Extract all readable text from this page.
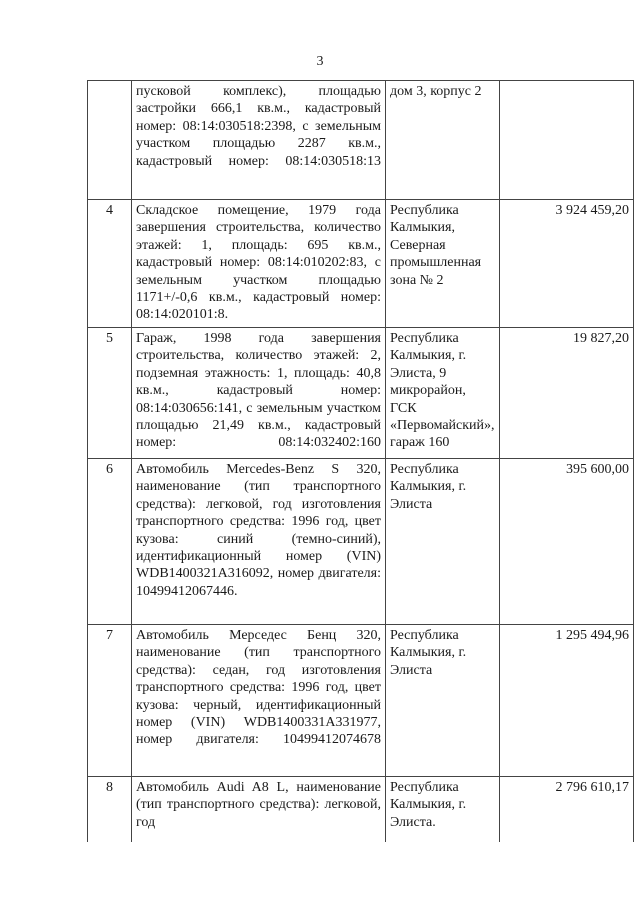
3

	пусковой комплекс), площадью застройки 666,1 кв.м., кадастровый номер: 08:14:030518:2398, с земельным участком площадью 2287 кв.м., кадастровый номер: 08:14:030518:13	дом 3, корпус 2	
4	Складское помещение, 1979 года завершения строительства, количество этажей: 1, площадь: 695 кв.м., кадастровый номер: 08:14:010202:83, с земельным участком площадью 1171+/-0,6 кв.м., кадастровый номер: 08:14:020101:8.	Республика Калмыкия, Северная промышленная зона № 2	3 924 459,20
5	Гараж, 1998 года завершения строительства, количество этажей: 2, подземная этажность: 1, площадь: 40,8 кв.м., кадастровый номер: 08:14:030656:141, с земельным участком площадью 21,49 кв.м., кадастровый номер: 08:14:032402:160	Республика Калмыкия, г. Элиста, 9 микрорайон, ГСК «Первомайский», гараж 160	19 827,20
6	Автомобиль Mercedes-Benz S 320, наименование (тип транспортного средства): легковой, год изготовления транспортного средства: 1996 год, цвет кузова: синий (темно-синий), идентификационный номер (VIN) WDB1400321A316092, номер двигателя: 10499412067446.	Республика Калмыкия, г. Элиста	395 600,00
7	Автомобиль Мерседес Бенц 320, наименование (тип транспортного средства): седан, год изготовления транспортного средства: 1996 год, цвет кузова: черный, идентификационный номер (VIN) WDB1400331A331977, номер двигателя: 10499412074678	Республика Калмыкия, г. Элиста	1 295 494,96
8	Автомобиль Audi A8 L, наименование (тип транспортного средства): легковой, год	Республика Калмыкия, г. Элиста.	2 796 610,17
